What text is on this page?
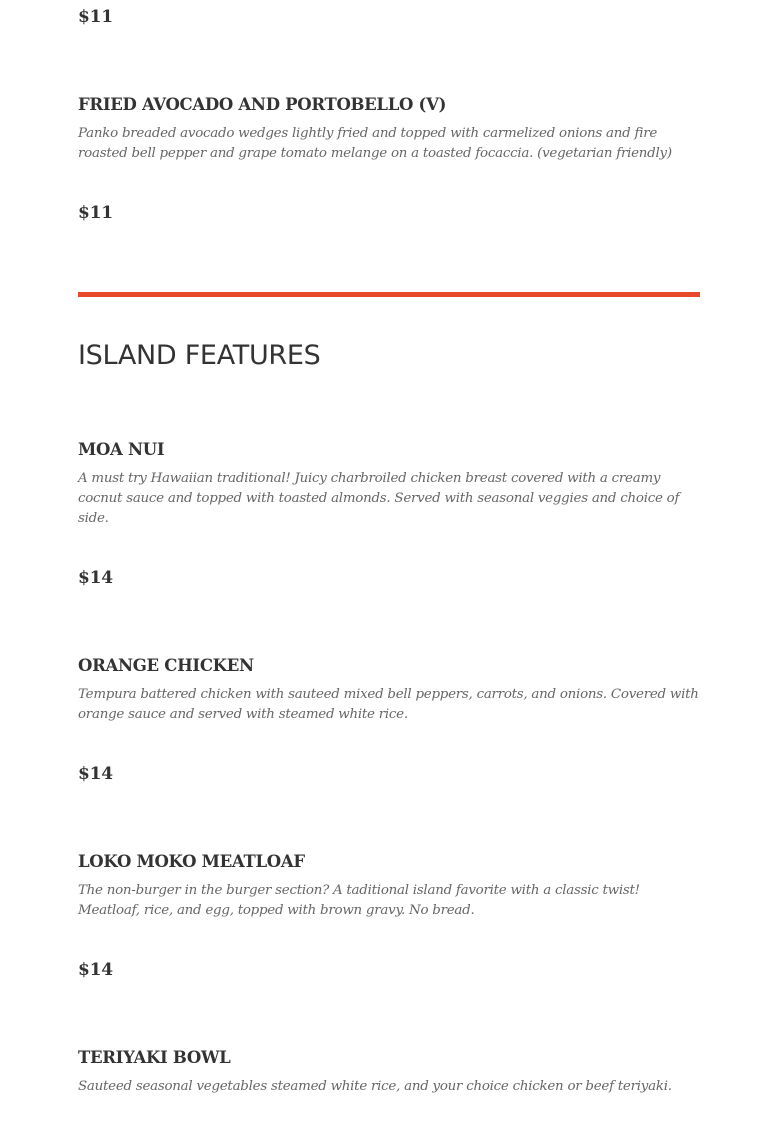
$11
FRIED AVOCADO AND PORTOBELLO (V)
Panko breaded avocado wedges lightly fried and topped with carmelized onions and fire roasted bell pepper and grape tomato melange on a toasted focaccia. (vegetarian friendly)
$11
ISLAND FEATURES
MOA NUI
A must try Hawaiian traditional! Juicy charbroiled chicken breast covered with a creamy cocnut sauce and topped with toasted almonds. Served with seasonal veggies and choice of side.
$14
ORANGE CHICKEN
Tempura battered chicken with sauteed mixed bell peppers, carrots, and onions. Covered with orange sauce and served with steamed white rice.
$14
LOKO MOKO MEATLOAF
The non-burger in the burger section? A taditional island favorite with a classic twist! Meatloaf, rice, and egg, topped with brown gravy. No bread.
$14
TERIYAKI BOWL
Sauteed seasonal vegetables steamed white rice, and your choice chicken or beef teriyaki.
